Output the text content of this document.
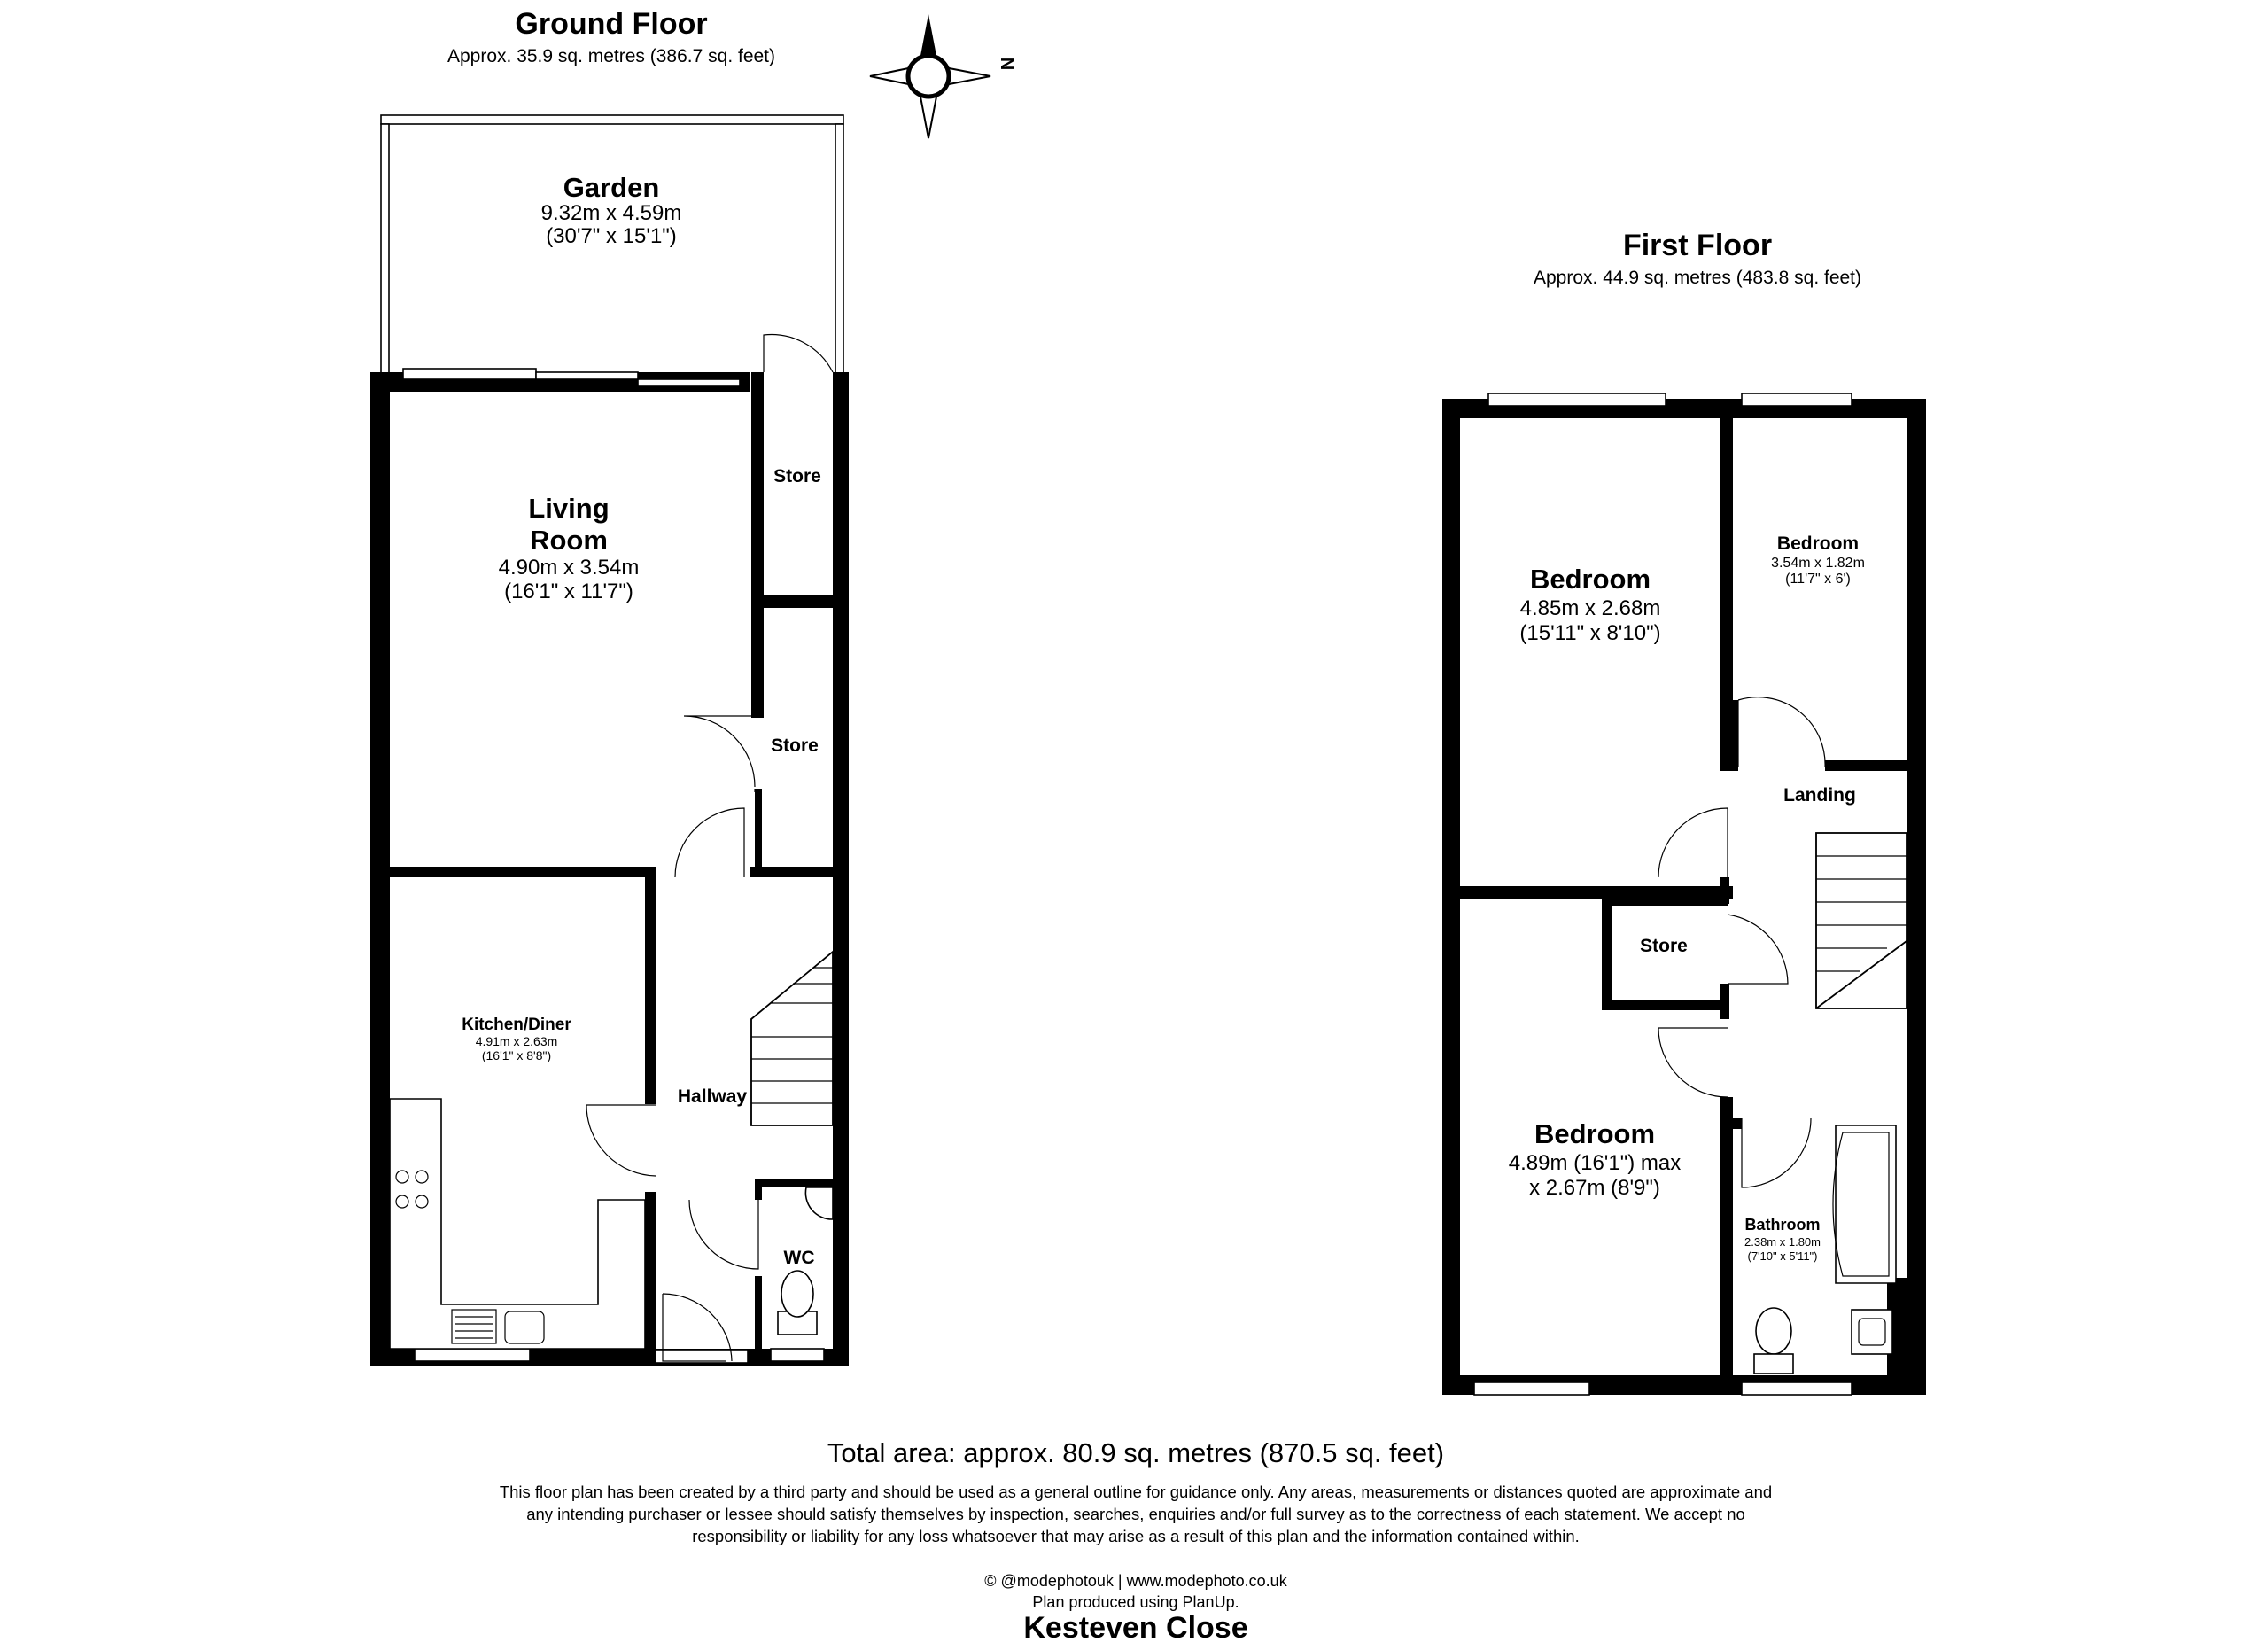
Ground Floor
Approx. 35.9 sq. metres (386.7 sq. feet)	N
Garden
9.32m x 4.59m
(30'7" x 15'1")
Living
Room
4.90m x 3.54m
(16'1" x 11'7")
Store
Store
Kitchen/Diner
4.91m x 2.63m
(16'1" x 8'8")
Hallway
WC
First Floor
Approx. 44.9 sq. metres (483.8 sq. feet)
Bedroom
4.85m x 2.68m
(15'11" x 8'10")
Bedroom
3.54m x 1.82m
(11'7" x 6')
Landing
Store
Bedroom
4.89m (16'1") max
x 2.67m (8'9")
Bathroom
2.38m x 1.80m
(7'10" x 5'11")
Total area: approx. 80.9 sq. metres (870.5 sq. feet)
This floor plan has been created by a third party and should be used as a general outline for guidance only. Any areas, measurements or distances quoted are approximate and
any intending purchaser or lessee should satisfy themselves by inspection, searches, enquiries and/or full survey as to the correctness of each statement. We accept no
responsibility or liability for any loss whatsoever that may arise as a result of this plan and the information contained within.
© @modephotouk | www.modephoto.co.uk
Plan produced using PlanUp.
Kesteven Close
